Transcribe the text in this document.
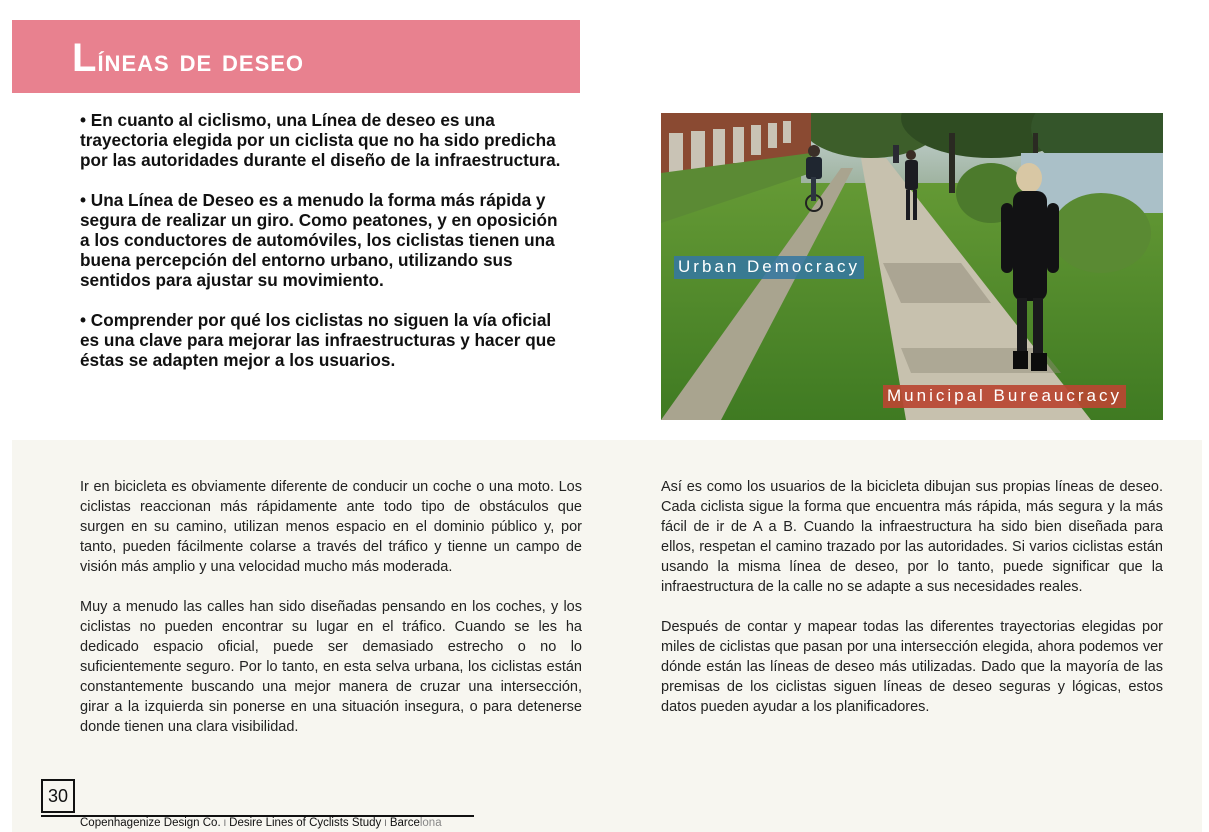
Líneas de deseo

• En cuanto al ciclismo, una Línea de deseo es una trayectoria elegida por un ciclista que no ha sido predicha por las autoridades durante el diseño de la infraestructura.

• Una Línea de Deseo es a menudo la forma más rápida y segura de realizar un giro. Como peatones, y en oposición a los conductores de automóviles, los ciclistas tienen una buena percepción del entorno urbano, utilizando sus sentidos para ajustar su movimiento.

• Comprender por qué los ciclistas no siguen la vía oficial es una clave para mejorar las infraestructuras y hacer que éstas se adapten mejor a los usuarios.

Urban Democracy
Municipal Bureaucracy

Ir en bicicleta es obviamente diferente de conducir un coche o una moto. Los ciclistas reaccionan más rápidamente ante todo tipo de obstáculos que surgen en su camino, utilizan menos espacio en el dominio público y, por tanto, pueden fácilmente colarse a través del tráfico y tienne un campo de visión más amplio y una velocidad mucho más moderada.

Muy a menudo las calles han sido diseñadas pensando en los coches, y los ciclistas no pueden encontrar su lugar en el tráfico. Cuando se les ha dedicado espacio oficial, puede ser demasiado estrecho o no lo suficientemente seguro. Por lo tanto, en esta selva urbana, los ciclistas están constantemente buscando una mejor manera de cruzar una intersección, girar a la izquierda sin ponerse en una situación insegura, o para detenerse donde tienen una clara visibilidad.

Así es como los usuarios de la bicicleta dibujan sus propias líneas de deseo. Cada ciclista sigue la forma que encuentra más rápida, más segura y la más fácil de ir de A a B. Cuando la infraestructura ha sido bien diseñada para ellos, respetan el camino trazado por las autoridades. Si varios ciclistas están usando la misma línea de deseo, por lo tanto, puede significar que la infraestructura de la calle no se adapte a sus necesidades reales.

Después de contar y mapear todas las diferentes trayectorias elegidas por miles de ciclistas que pasan por una intersección elegida, ahora podemos ver dónde están las líneas de deseo más utilizadas. Dado que la mayoría de las premisas de los ciclistas siguen líneas de deseo seguras y lógicas, estos datos pueden ayudar a los planificadores.

30
Copenhagenize Design Co. I Desire Lines of Cyclists Study I Barcelona
